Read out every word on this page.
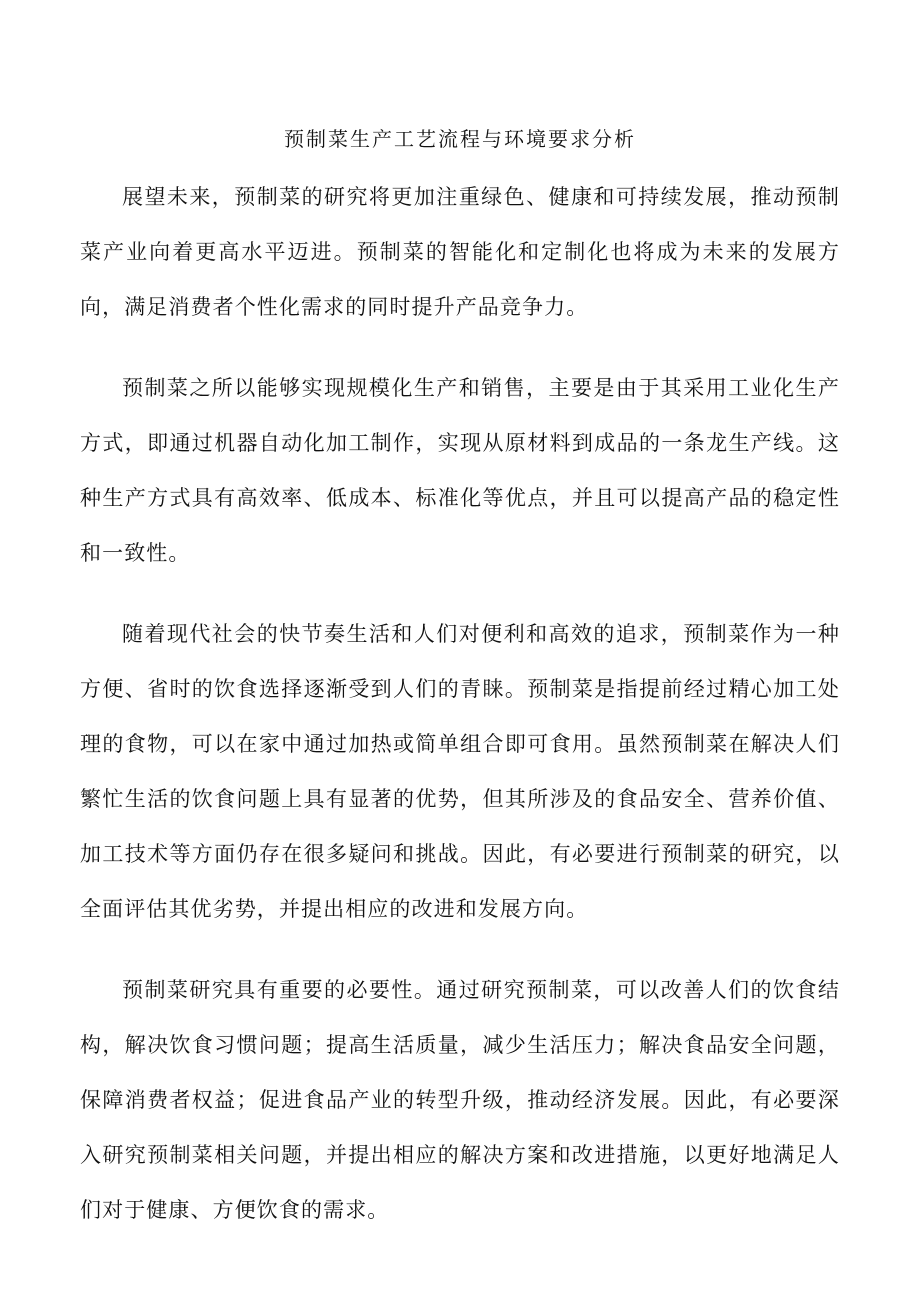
预制菜生产工艺流程与环境要求分析

展望未来，预制菜的研究将更加注重绿色、健康和可持续发展，推动预制菜产业向着更高水平迈进。预制菜的智能化和定制化也将成为未来的发展方向，满足消费者个性化需求的同时提升产品竞争力。

预制菜之所以能够实现规模化生产和销售，主要是由于其采用工业化生产方式，即通过机器自动化加工制作，实现从原材料到成品的一条龙生产线。这种生产方式具有高效率、低成本、标准化等优点，并且可以提高产品的稳定性和一致性。

随着现代社会的快节奏生活和人们对便利和高效的追求，预制菜作为一种方便、省时的饮食选择逐渐受到人们的青睐。预制菜是指提前经过精心加工处理的食物，可以在家中通过加热或简单组合即可食用。虽然预制菜在解决人们繁忙生活的饮食问题上具有显著的优势，但其所涉及的食品安全、营养价值、加工技术等方面仍存在很多疑问和挑战。因此，有必要进行预制菜的研究，以全面评估其优劣势，并提出相应的改进和发展方向。

预制菜研究具有重要的必要性。通过研究预制菜，可以改善人们的饮食结构，解决饮食习惯问题；提高生活质量，减少生活压力；解决食品安全问题，保障消费者权益；促进食品产业的转型升级，推动经济发展。因此，有必要深入研究预制菜相关问题，并提出相应的解决方案和改进措施，以更好地满足人们对于健康、方便饮食的需求。
